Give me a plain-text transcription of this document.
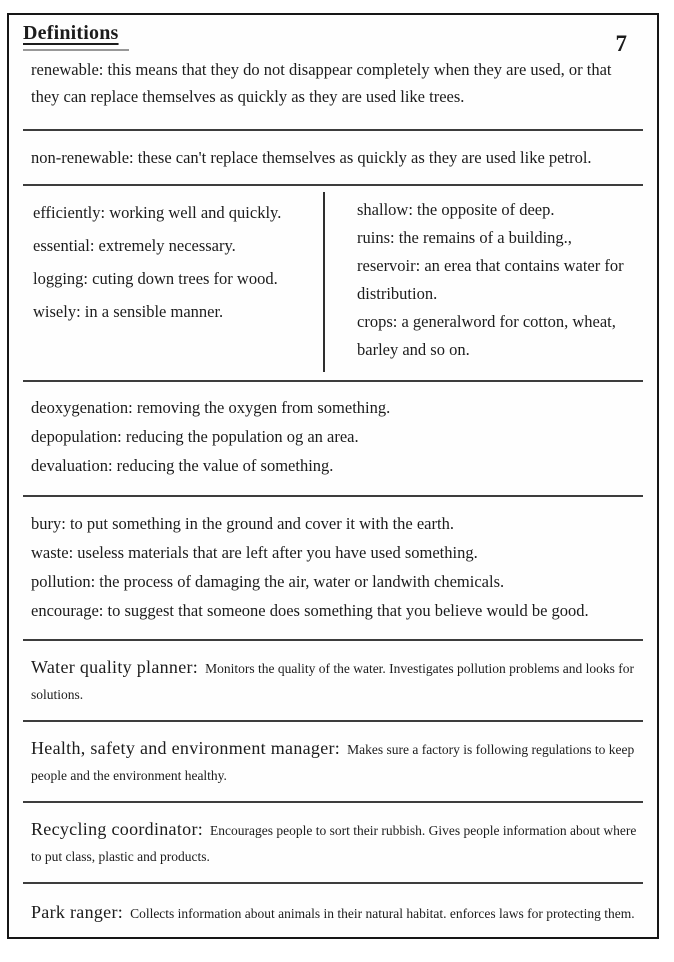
7
Definitions

renewable: this means that they do not disappear completely when they are used, or that they can replace themselves as quickly as they are used like trees.

non-renewable: these can't replace themselves as quickly as they are used like petrol.

efficiently: working well and quickly.

essential: extremely necessary.

logging: cuting down trees for wood.

wisely: in a sensible manner.

shallow: the opposite of deep.

ruins: the remains of a building.,

reservoir: an erea that contains water for distribution.

crops: a generalword for cotton, wheat, barley and so on.

deoxygenation: removing the oxygen from something.

depopulation: reducing the population og an area.

devaluation: reducing the value of something.

bury: to put something in the ground and cover it with the earth.

waste: useless materials that are left after you have used something.

pollution: the process of damaging the air, water or landwith chemicals.

encourage: to suggest that someone does something that you believe would be good.

Water quality planner: Monitors the quality of the water. Investigates pollution problems and looks for solutions.

Health, safety and environment manager: Makes sure a factory is following regulations to keep people and the environment healthy.

Recycling coordinator: Encourages people to sort their rubbish. Gives people information about where to put class, plastic and products.

Park ranger: Collects information about animals in their natural habitat. enforces laws for protecting them.
